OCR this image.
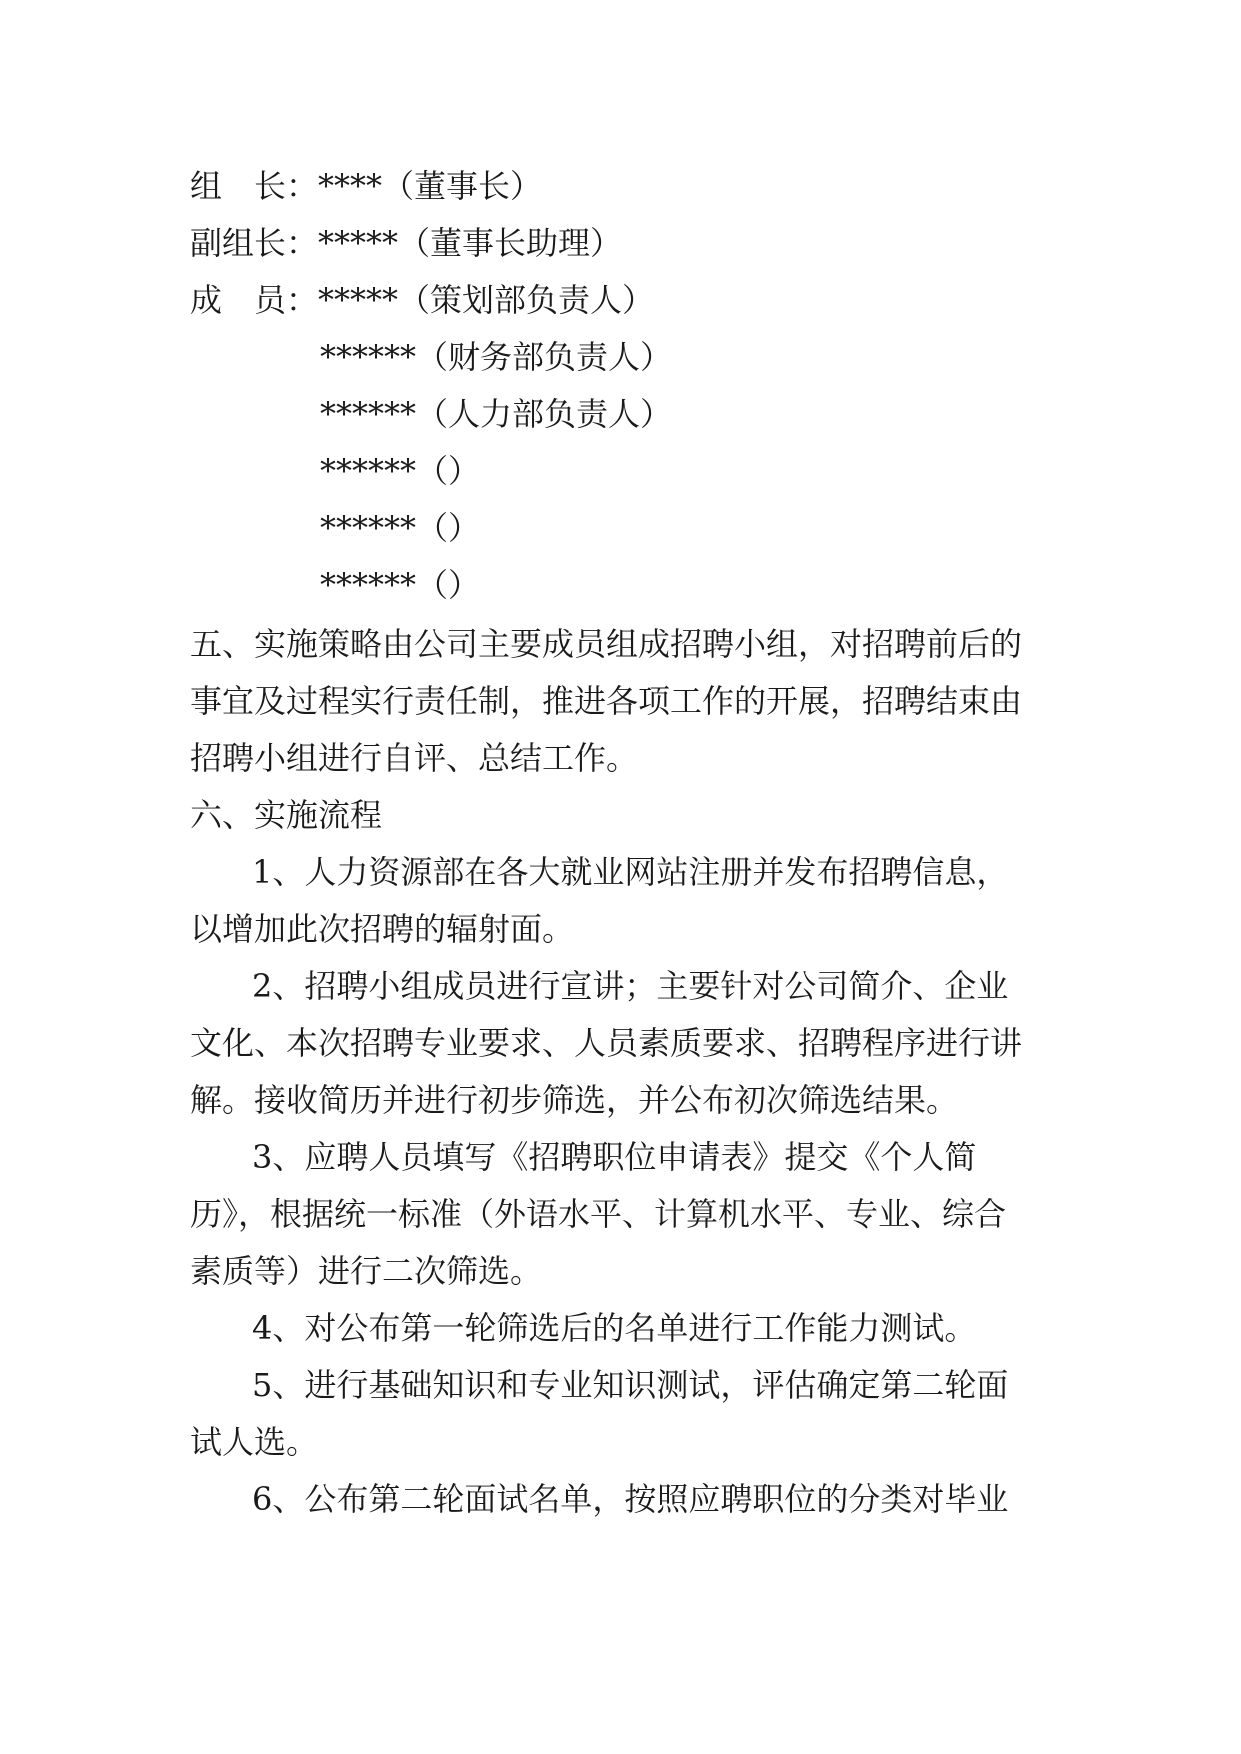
组　长：****（董事长）
副组长：*****（董事长助理）
成　员：*****（策划部负责人）
******（财务部负责人）
******（人力部负责人）
******（）
******（）
******（）
五、实施策略由公司主要成员组成招聘小组，对招聘前后的
事宜及过程实行责任制，推进各项工作的开展，招聘结束由
招聘小组进行自评、总结工作。
六、实施流程
1、人力资源部在各大就业网站注册并发布招聘信息，
以增加此次招聘的辐射面。
2、招聘小组成员进行宣讲；主要针对公司简介、企业
文化、本次招聘专业要求、人员素质要求、招聘程序进行讲
解。接收简历并进行初步筛选，并公布初次筛选结果。
3、应聘人员填写《招聘职位申请表》提交《个人简
历》，根据统一标准（外语水平、计算机水平、专业、综合
素质等）进行二次筛选。
4、对公布第一轮筛选后的名单进行工作能力测试。
5、进行基础知识和专业知识测试，评估确定第二轮面
试人选。
6、公布第二轮面试名单，按照应聘职位的分类对毕业
